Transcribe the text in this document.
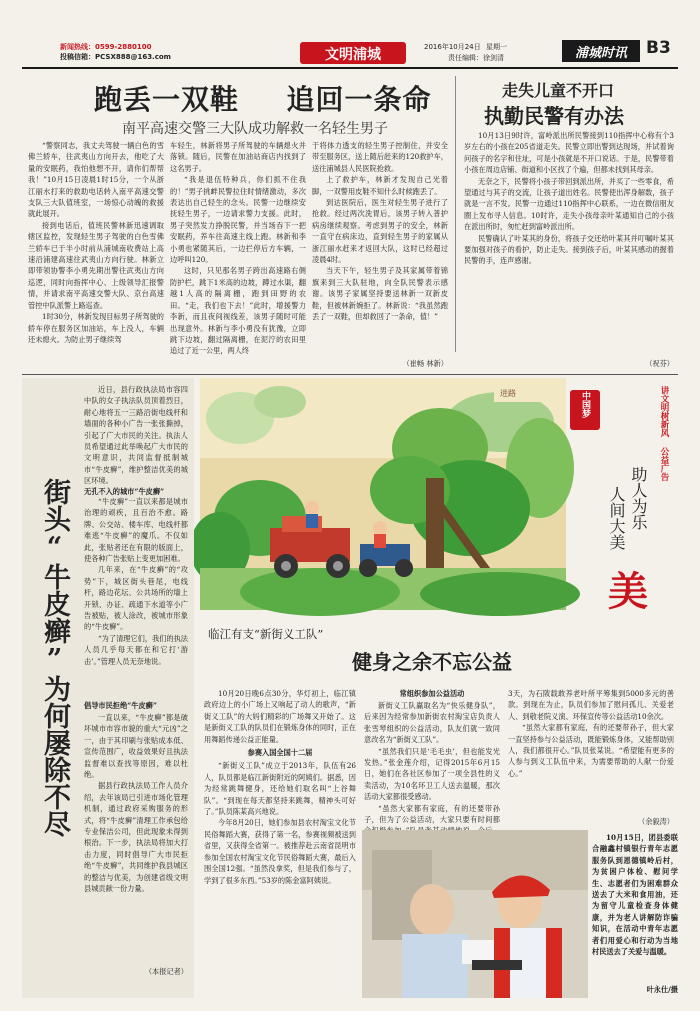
新闻热线：0599-2880100
投稿信箱：PCSX888@163.com	文明浦城	2016年10月24日 星期一
责任编辑：徐剑清	浦城时讯	B3
跑丢一双鞋 追回一条命
南平高速交警三大队成功解救一名轻生男子

“警察同志，我丈夫驾驶一辆白色的雪佛兰轿车，往武夷山方向开去，他吃了大量的安眠药，我怕他想不开，请你们帮帮我！”10月15日凌晨1时15分，一个从浙江丽水打来的救助电话转入南平高速交警支队三大队值班室，一场惊心动魄的救援就此展开。

接到电话后，值班民警林新迅速调取辖区监控，发现轻生男子驾驶的白色雪佛兰轿车已于半小时前从浦城南收费站上高速沿浦建高速往武夷山方向行驶。林新立即带领协警李小勇先期出警往武夷山方向巡逻，同时向指挥中心、上级领导汇报警情，并请求南平高速交警大队、京台高速管控中队派警上路巡查。

1时30分，林新发现目标男子所驾驶的轿车停在服务区加油站，车上没人，车辆还未熄火。为防止男子继续驾

车轻生，林新将男子所驾驶的车辆熄火并落锁。随后，民警在加油站商店内找到了这名男子。

“我是退伍特种兵，你们抓不住我的！”男子挑衅民警拉住时情绪激动，多次表达出自己轻生的念头。民警一边继续安抚轻生男子，一边请求警力支援。此时，男子突然发力挣脱民警，并当场吞下一把安眠药，养车往高速主线上跑。林新和李小勇也紧随其后，一边拦停后方车辆，一边呼叫120。

这时，只见那名男子跨出高速路右侧防护栏，跳下1米高的边坡，蹲过水渠，翻越1人高的隔离栅，跑到田野的农田。“走，我们也下去！”此时，增援警力李新，而且夜间视线差，该男子随时可能出现意外。林新与李小勇没有犹豫，立即跳下边坡，翻过隔离栅，在泥泞的农田里追过了近一公里，两人终

于将体力透支的轻生男子控制住，并安全带至服务区，送上随后赶来的120救护车，送往浦城县人民医院抢救。

上了救护车，林新才发现自己光着脚，一双警用皮鞋不知什么时候跑丢了。

到达医院后，医生对轻生男子进行了抢救。经过两次洗胃后，该男子转入普护病房继续观察。考虑到男子的安全，林新一直守在病床边，直到轻生男子的家属从浙江丽水赶来才返回大队，这时已经超过凌晨4时。

当天下午，轻生男子及其家属带着锦旗来到三大队驻地，向全队民警表示感谢。该男子家属坚持要送林新一双新皮鞋，但被林新婉拒了。林新说：“我虽然跑丢了一双鞋，但却救回了一条命，值！”

（崔畅 林新）
走失儿童不开口
执勤民警有办法

10月13日9时许，富岭派出所民警接到110指挥中心称有个3岁左右的小孩在205省道走失。民警立即出警到达现场，并试着询问孩子的名字和住址，可是小孩就是不开口说话。于是，民警带着小孩在周边店铺、街道和小区找了个遍，但都未找到其母亲。

无奈之下，民警将小孩子带回到派出所，并买了一些零食，希望通过与其子的交流，让孩子道出姓名。民警使出浑身解数，孩子就是一言不发。民警一边通过110指挥中心联系，一边在微信朋友圈上发布寻人信息。10时许，走失小孩母亲叶某通知自己的小孩在派出所时，匆忙赶到富岭派出所。

民警确认了叶某其的身份，将孩子交还给叶某其并叮嘱叶某其要加强对孩子的看护，防止走失。接到孩子后，叶某其感动的握着民警的手，连声感谢。

（祝芬）
进路	中国梦	讲文明树新风 公益广告
助人为乐
人间大美
美
近日，县行政执法局市容四中队的女子执法队员顶着烈日，耐心地将五一三路沿街电线杆和墙面的各种小广告一张张撕掉，引起了广大市民的关注。执法人员希望通过此举唤起广大市民的文明意识，共同监督抵制城市“牛皮癣”，维护整洁优美的城区环境。
无孔不入的城市“牛皮癣”
街头“牛皮癣”为何屡除不尽	“牛皮癣”一直以来都是城市治理的顽疾，且百治不愈。路牌、公交站、楼车库、电线杆都难逃“牛皮癣”的魔爪。不仅如此，张贴者还在有限的版面上，使各种广告张贴上变更加困难。

几年来，在“牛皮癣”的“攻势”下，城区街头巷尾，电线杆，路边花坛、公共场所的墙上开锁、办证、疏通下水道等小广告被贴，被人涂改，被城市形象的“牛皮癣”。

“为了清理它们，我们的执法人员几乎每天都在和它打‘游击’。”管理人员无奈地说。

倡导市民拒绝“牛皮癣”

一直以来，“牛皮癣”都是破坏城市市容市貌的重大“元凶”之一，由于其印刷与张贴成本低、宣传范围广，收益效果好且执法监督难以查找等原因，难以杜绝。

据县行政执法局工作人员介绍，去年该局已引进市场化管理机制，通过政府采购服务的形式，将“牛皮癣”清理工作承包给专业保洁公司，但此现象未得到根治。下一步，执法局将加大打击力度，同时倡导广大市民拒绝“牛皮癣”，共同维护我县城区的整洁与优美，为创建省级文明县城贡献一份力量。

（本报记者）
临江有支“新街义工队”
健身之余不忘公益

10月20日晚6点30分，华灯初上，临江镇政府边上的小广场上又响起了动人的歌声，“新街义工队”的大妈们精彩的广场舞又开始了。这是新街义工队的队员们在锻炼身体的同时，正在用舞蹈传递公益正能量。

参赛入国全国十二届

“新街义工队”成立于2013年，队伍有26人，队员都是临江新街附近的阿姨们。据悉，因为经常跳舞健身，还给她们取名叫“上谷舞队”。“到现在每天都坚持来跳舞，精神头可好了。”队员陈某高兴地说。

今年8月20日，她们参加县农村淘宝文化节民俗舞蹈大赛，获得了第一名，参赛视频被送到省里，又获得全省第一。被推荐赴云南省昆明市参加全国农村淘宝文化节民俗舞蹈大赛，最后入围全国12强。“虽然没拿奖，但是我们参与了，学到了很多东西。”53岁的陈金富阿姨说。

常组织参加公益活动

新街义工队赢取名为“快乐健身队”，后来因为经常参加新街农村淘宝店负责人张雪琴组织的公益活动，队友们就一致同意改名为“新街义工队”。

“虽然我们只是‘毛毛虫’，但也能发光发热。”张金莲介绍，记得2015年6月15日，她们在各社区参加了一项全县性的义卖活动，为10名环卫工人送去温暖，那次活动大家都很受感动。

“虽然大家都有家庭，有的还要带孙子，但为了公益活动，大家只要有时间都

3天，为石陂载敢养老叶所平筹集到5000多元的善款。到现在为止，队员们参加了慰问孤儿、关爱老人、到敬老院义演、环保宣传等公益活动10余次。

“虽然大家都有家庭，有的还要带孙子，但大家一直坚持参与公益活动，既能锻炼身体，又能帮助别人，我们都很开心。”队员张某说。“希望能有更多的人参与到义工队伍中来，为需要帮助的人献一份爱心。”

（余毅涛）
10月15日，团县委联合融鑫村镇银行青年志愿服务队到恩德镇岭后村，为贫困户体检、慰问学生、志愿者们为困难群众送去了大米和食用油，还为留守儿童检查身体健康，并为老人讲解防诈骗知识，在活动中青年志愿者们用爱心和行动为当地村民送去了关爱与温暖。
叶永仕/摄
